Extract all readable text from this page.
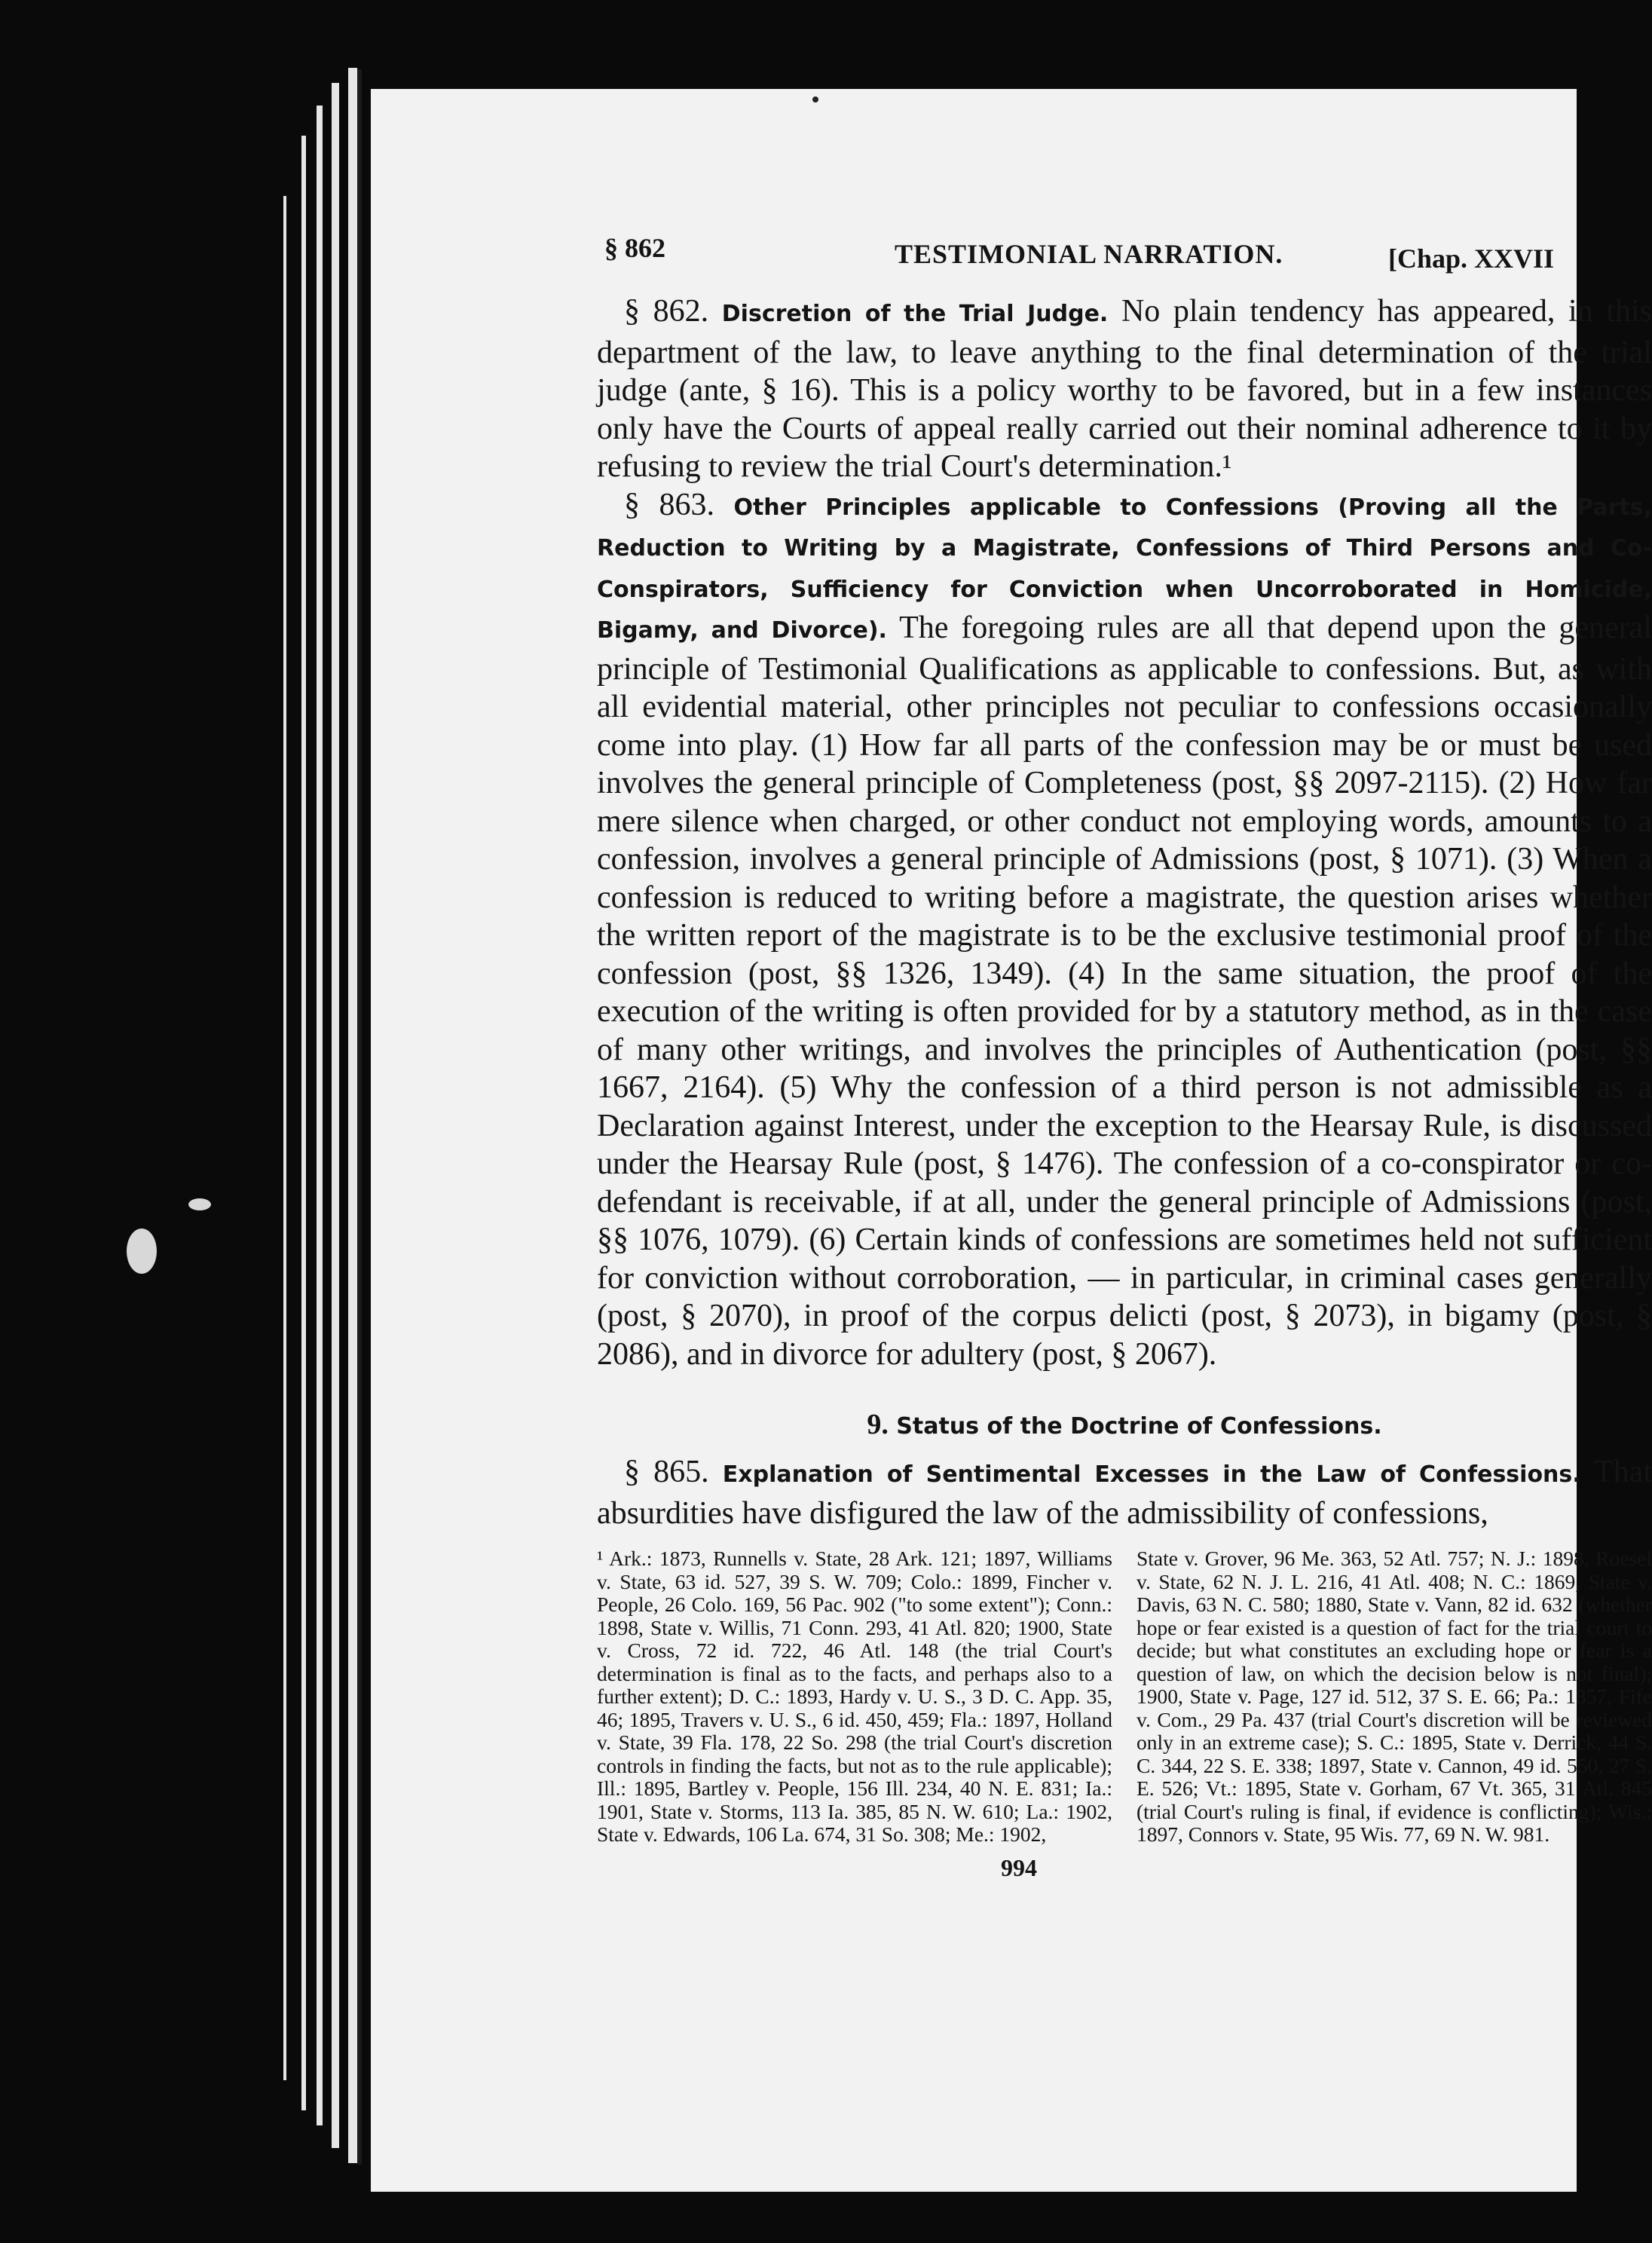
§ 862	TESTIMONIAL NARRATION.	[Chap. XXVII

§ 862. Discretion of the Trial Judge. No plain tendency has appeared, in this department of the law, to leave anything to the final determination of the trial judge (ante, § 16). This is a policy worthy to be favored, but in a few instances only have the Courts of appeal really carried out their nominal adherence to it by refusing to review the trial Court's determination.¹

§ 863. Other Principles applicable to Confessions (Proving all the Parts, Reduction to Writing by a Magistrate, Confessions of Third Persons and Co-Conspirators, Sufficiency for Conviction when Uncorroborated in Homicide, Bigamy, and Divorce). The foregoing rules are all that depend upon the general principle of Testimonial Qualifications as applicable to confessions. But, as with all evidential material, other principles not peculiar to confessions occasionally come into play. (1) How far all parts of the confession may be or must be used involves the general principle of Completeness (post, §§ 2097-2115). (2) How far mere silence when charged, or other conduct not employing words, amounts to a confession, involves a general principle of Admissions (post, § 1071). (3) When a confession is reduced to writing before a magistrate, the question arises whether the written report of the magistrate is to be the exclusive testimonial proof of the confession (post, §§ 1326, 1349). (4) In the same situation, the proof of the execution of the writing is often provided for by a statutory method, as in the case of many other writings, and involves the principles of Authentication (post, §§ 1667, 2164). (5) Why the confession of a third person is not admissible as a Declaration against Interest, under the exception to the Hearsay Rule, is discussed under the Hearsay Rule (post, § 1476). The confession of a co-conspirator or co-defendant is receivable, if at all, under the general principle of Admissions (post, §§ 1076, 1079). (6) Certain kinds of confessions are sometimes held not sufficient for conviction without corroboration, — in particular, in criminal cases generally (post, § 2070), in proof of the corpus delicti (post, § 2073), in bigamy (post, § 2086), and in divorce for adultery (post, § 2067).

9. Status of the Doctrine of Confessions.

§ 865. Explanation of Sentimental Excesses in the Law of Confessions. That absurdities have disfigured the law of the admissibility of confessions,

¹ Ark.: 1873, Runnells v. State, 28 Ark. 121; 1897, Williams v. State, 63 id. 527, 39 S. W. 709; Colo.: 1899, Fincher v. People, 26 Colo. 169, 56 Pac. 902 ("to some extent"); Conn.: 1898, State v. Willis, 71 Conn. 293, 41 Atl. 820; 1900, State v. Cross, 72 id. 722, 46 Atl. 148 (the trial Court's determination is final as to the facts, and perhaps also to a further extent); D. C.: 1893, Hardy v. U. S., 3 D. C. App. 35, 46; 1895, Travers v. U. S., 6 id. 450, 459; Fla.: 1897, Holland v. State, 39 Fla. 178, 22 So. 298 (the trial Court's discretion controls in finding the facts, but not as to the rule applicable); Ill.: 1895, Bartley v. People, 156 Ill. 234, 40 N. E. 831; Ia.: 1901, State v. Storms, 113 Ia. 385, 85 N. W. 610; La.: 1902, State v. Edwards, 106 La. 674, 31 So. 308; Me.: 1902,
State v. Grover, 96 Me. 363, 52 Atl. 757; N. J.: 1898, Roesel v. State, 62 N. J. L. 216, 41 Atl. 408; N. C.: 1869, State v. Davis, 63 N. C. 580; 1880, State v. Vann, 82 id. 632 (whether hope or fear existed is a question of fact for the trial court to decide; but what constitutes an excluding hope or fear is a question of law, on which the decision below is not final); 1900, State v. Page, 127 id. 512, 37 S. E. 66; Pa.: 1857, Fife v. Com., 29 Pa. 437 (trial Court's discretion will be reviewed only in an extreme case); S. C.: 1895, State v. Derrick, 44 S. C. 344, 22 S. E. 338; 1897, State v. Cannon, 49 id. 550, 27 S. E. 526; Vt.: 1895, State v. Gorham, 67 Vt. 365, 31 Atl. 845 (trial Court's ruling is final, if evidence is conflicting); Wis.: 1897, Connors v. State, 95 Wis. 77, 69 N. W. 981.
994
